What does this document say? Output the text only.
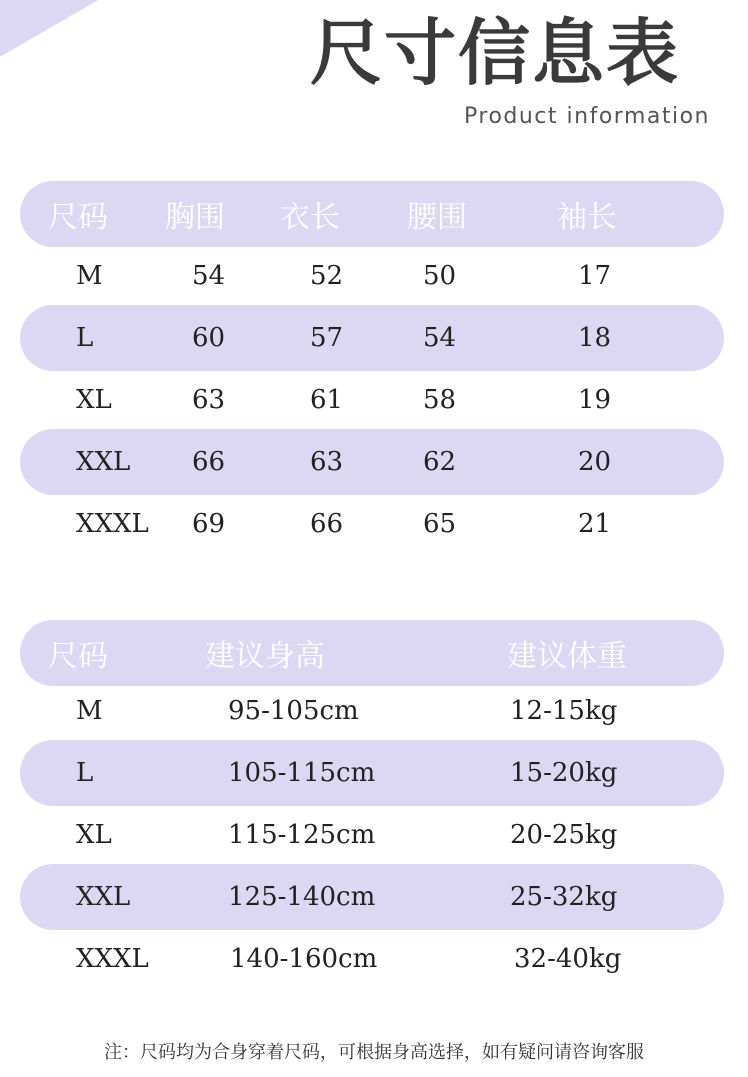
尺寸信息表
Product information
尺码 胸围 衣长 腰围	袖长
M	54	52	50	17
L	60	57	54	18
XL	63	61	58	19
XXL 66	63	62	20
XXXL 69	66	65	21
尺码	建议身高	建议体重
M	95-105cm	12-15kg
L	105-115cm	15-20kg
XL	115-125cm	20-25kg
XXL	125-140cm	25-32kg
XXXL	140-160cm	32-40kg
注：尺码均为合身穿着尺码，可根据身高选择，如有疑问请咨询客服
